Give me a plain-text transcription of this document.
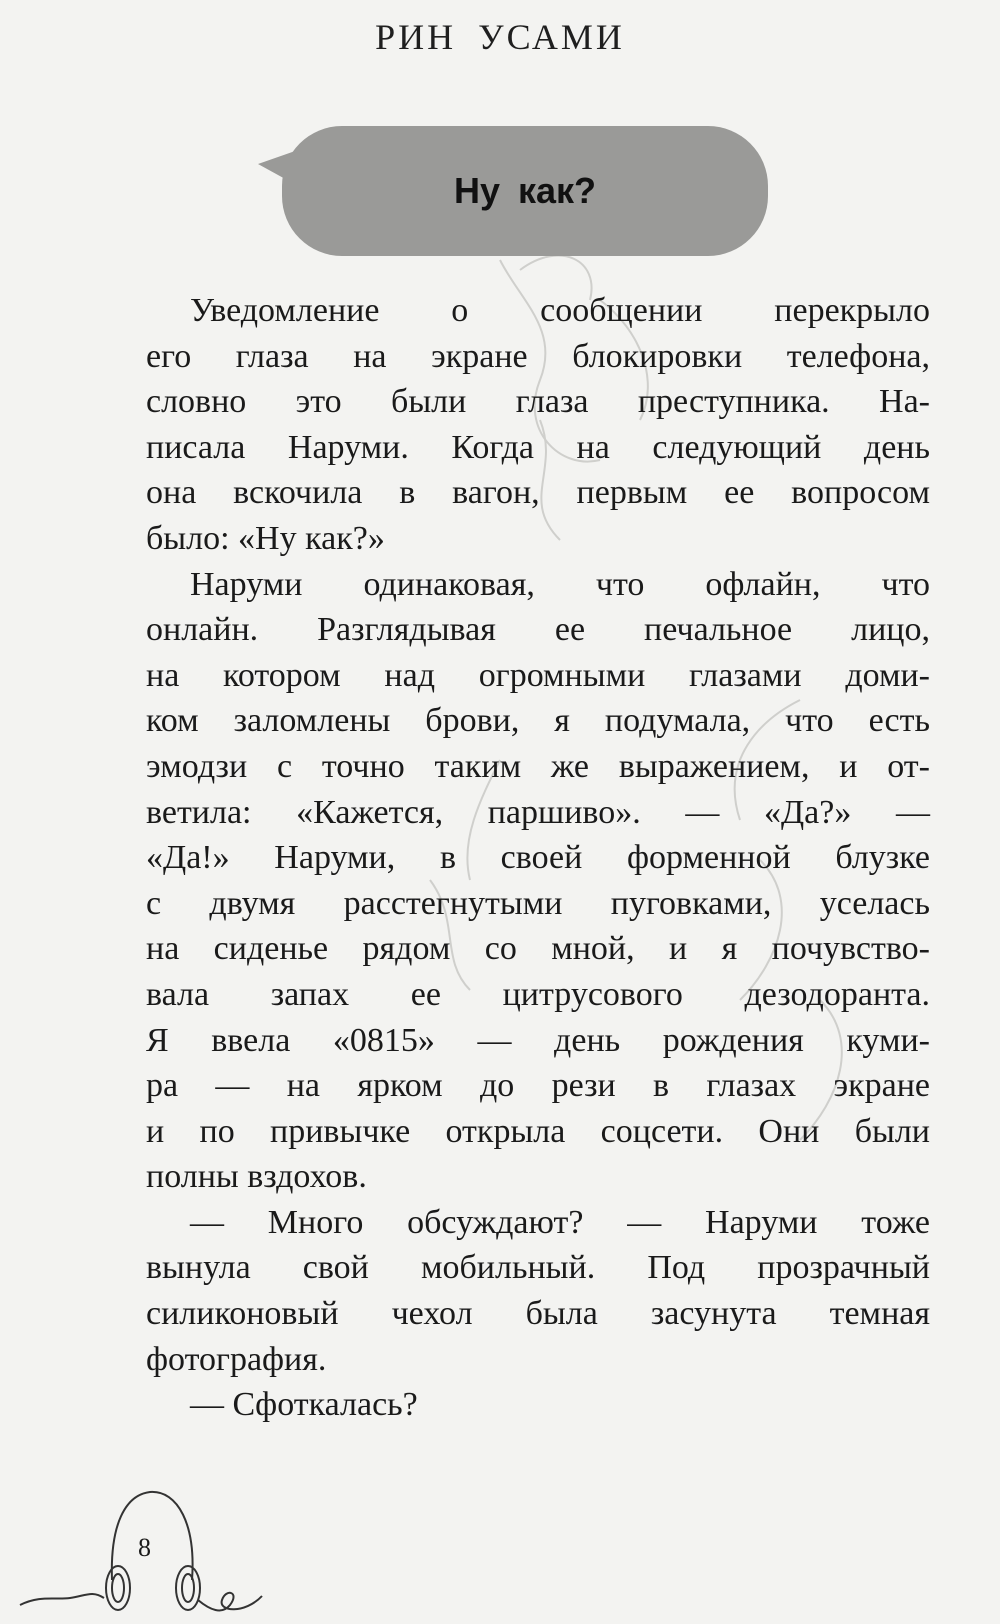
РИН УСАМИ
Ну как?
Уведомление о сообщении перекрыло
его глаза на экране блокировки телефона,
словно это были глаза преступника. На-
писала Наруми. Когда на следующий день
она вскочила в вагон, первым ее вопросом
было: «Ну как?»
Наруми одинаковая, что офлайн, что
онлайн. Разглядывая ее печальное лицо,
на котором над огромными глазами доми-
ком заломлены брови, я подумала, что есть
эмодзи с точно таким же выражением, и от-
ветила: «Кажется, паршиво». — «Да?» —
«Да!» Наруми, в своей форменной блузке
с двумя расстегнутыми пуговками, уселась
на сиденье рядом со мной, и я почувство-
вала запах ее цитрусового дезодоранта.
Я ввела «0815» — день рождения куми-
ра — на ярком до рези в глазах экране
и по привычке открыла соцсети. Они были
полны вздохов.
— Много обсуждают? — Наруми тоже
вынула свой мобильный. Под прозрачный
силиконовый чехол была засунута темная
фотография.
— Сфоткалась?
8
